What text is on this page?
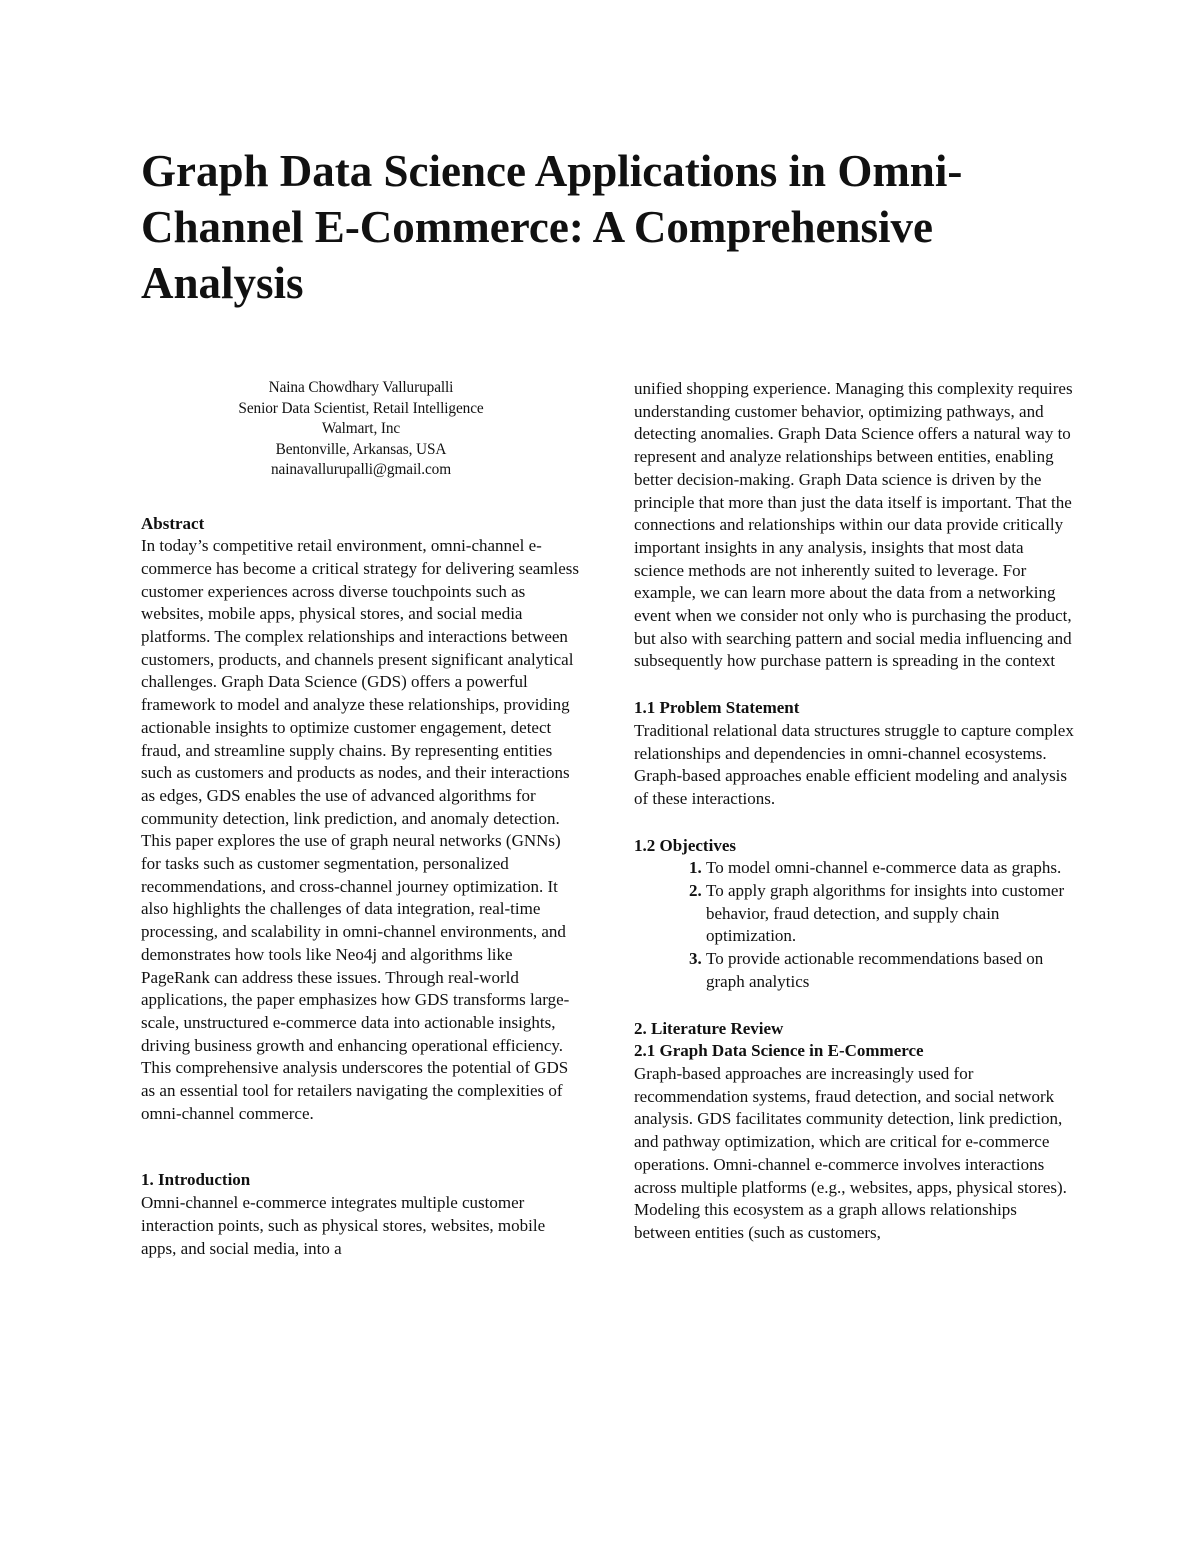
Graph Data Science Applications in Omni-Channel E-Commerce: A Comprehensive Analysis
Naina Chowdhary Vallurupalli
Senior Data Scientist, Retail Intelligence
Walmart, Inc
Bentonville, Arkansas, USA
nainavallurupalli@gmail.com

Abstract

In today’s competitive retail environment, omni-channel e-commerce has become a critical strategy for delivering seamless customer experiences across diverse touchpoints such as websites, mobile apps, physical stores, and social media platforms. The complex relationships and interactions between customers, products, and channels present significant analytical challenges. Graph Data Science (GDS) offers a powerful framework to model and analyze these relationships, providing actionable insights to optimize customer engagement, detect fraud, and streamline supply chains. By representing entities such as customers and products as nodes, and their interactions as edges, GDS enables the use of advanced algorithms for community detection, link prediction, and anomaly detection.

This paper explores the use of graph neural networks (GNNs) for tasks such as customer segmentation, personalized recommendations, and cross-channel journey optimization. It also highlights the challenges of data integration, real-time processing, and scalability in omni-channel environments, and demonstrates how tools like Neo4j and algorithms like PageRank can address these issues. Through real-world applications, the paper emphasizes how GDS transforms large-scale, unstructured e-commerce data into actionable insights, driving business growth and enhancing operational efficiency. This comprehensive analysis underscores the potential of GDS as an essential tool for retailers navigating the complexities of omni-channel commerce.

1. Introduction

Omni-channel e-commerce integrates multiple customer interaction points, such as physical stores, websites, mobile apps, and social media, into a

unified shopping experience. Managing this complexity requires understanding customer behavior, optimizing pathways, and detecting anomalies. Graph Data Science offers a natural way to represent and analyze relationships between entities, enabling better decision-making. Graph Data science is driven by the principle that more than just the data itself is important. That the connections and relationships within our data provide critically important insights in any analysis, insights that most data science methods are not inherently suited to leverage. For example, we can learn more about the data from a networking event when we consider not only who is purchasing the product, but also with searching pattern and social media influencing and subsequently how purchase pattern is spreading in the context

1.1 Problem Statement

Traditional relational data structures struggle to capture complex relationships and dependencies in omni-channel ecosystems. Graph-based approaches enable efficient modeling and analysis of these interactions.

1.2 Objectives

1. To model omni-channel e-commerce data as graphs.
2. To apply graph algorithms for insights into customer behavior, fraud detection, and supply chain optimization.
3. To provide actionable recommendations based on graph analytics

2. Literature Review

2.1 Graph Data Science in E-Commerce

Graph-based approaches are increasingly used for recommendation systems, fraud detection, and social network analysis. GDS facilitates community detection, link prediction, and pathway optimization, which are critical for e-commerce operations. Omni-channel e-commerce involves interactions across multiple platforms (e.g., websites, apps, physical stores). Modeling this ecosystem as a graph allows relationships between entities (such as customers,
